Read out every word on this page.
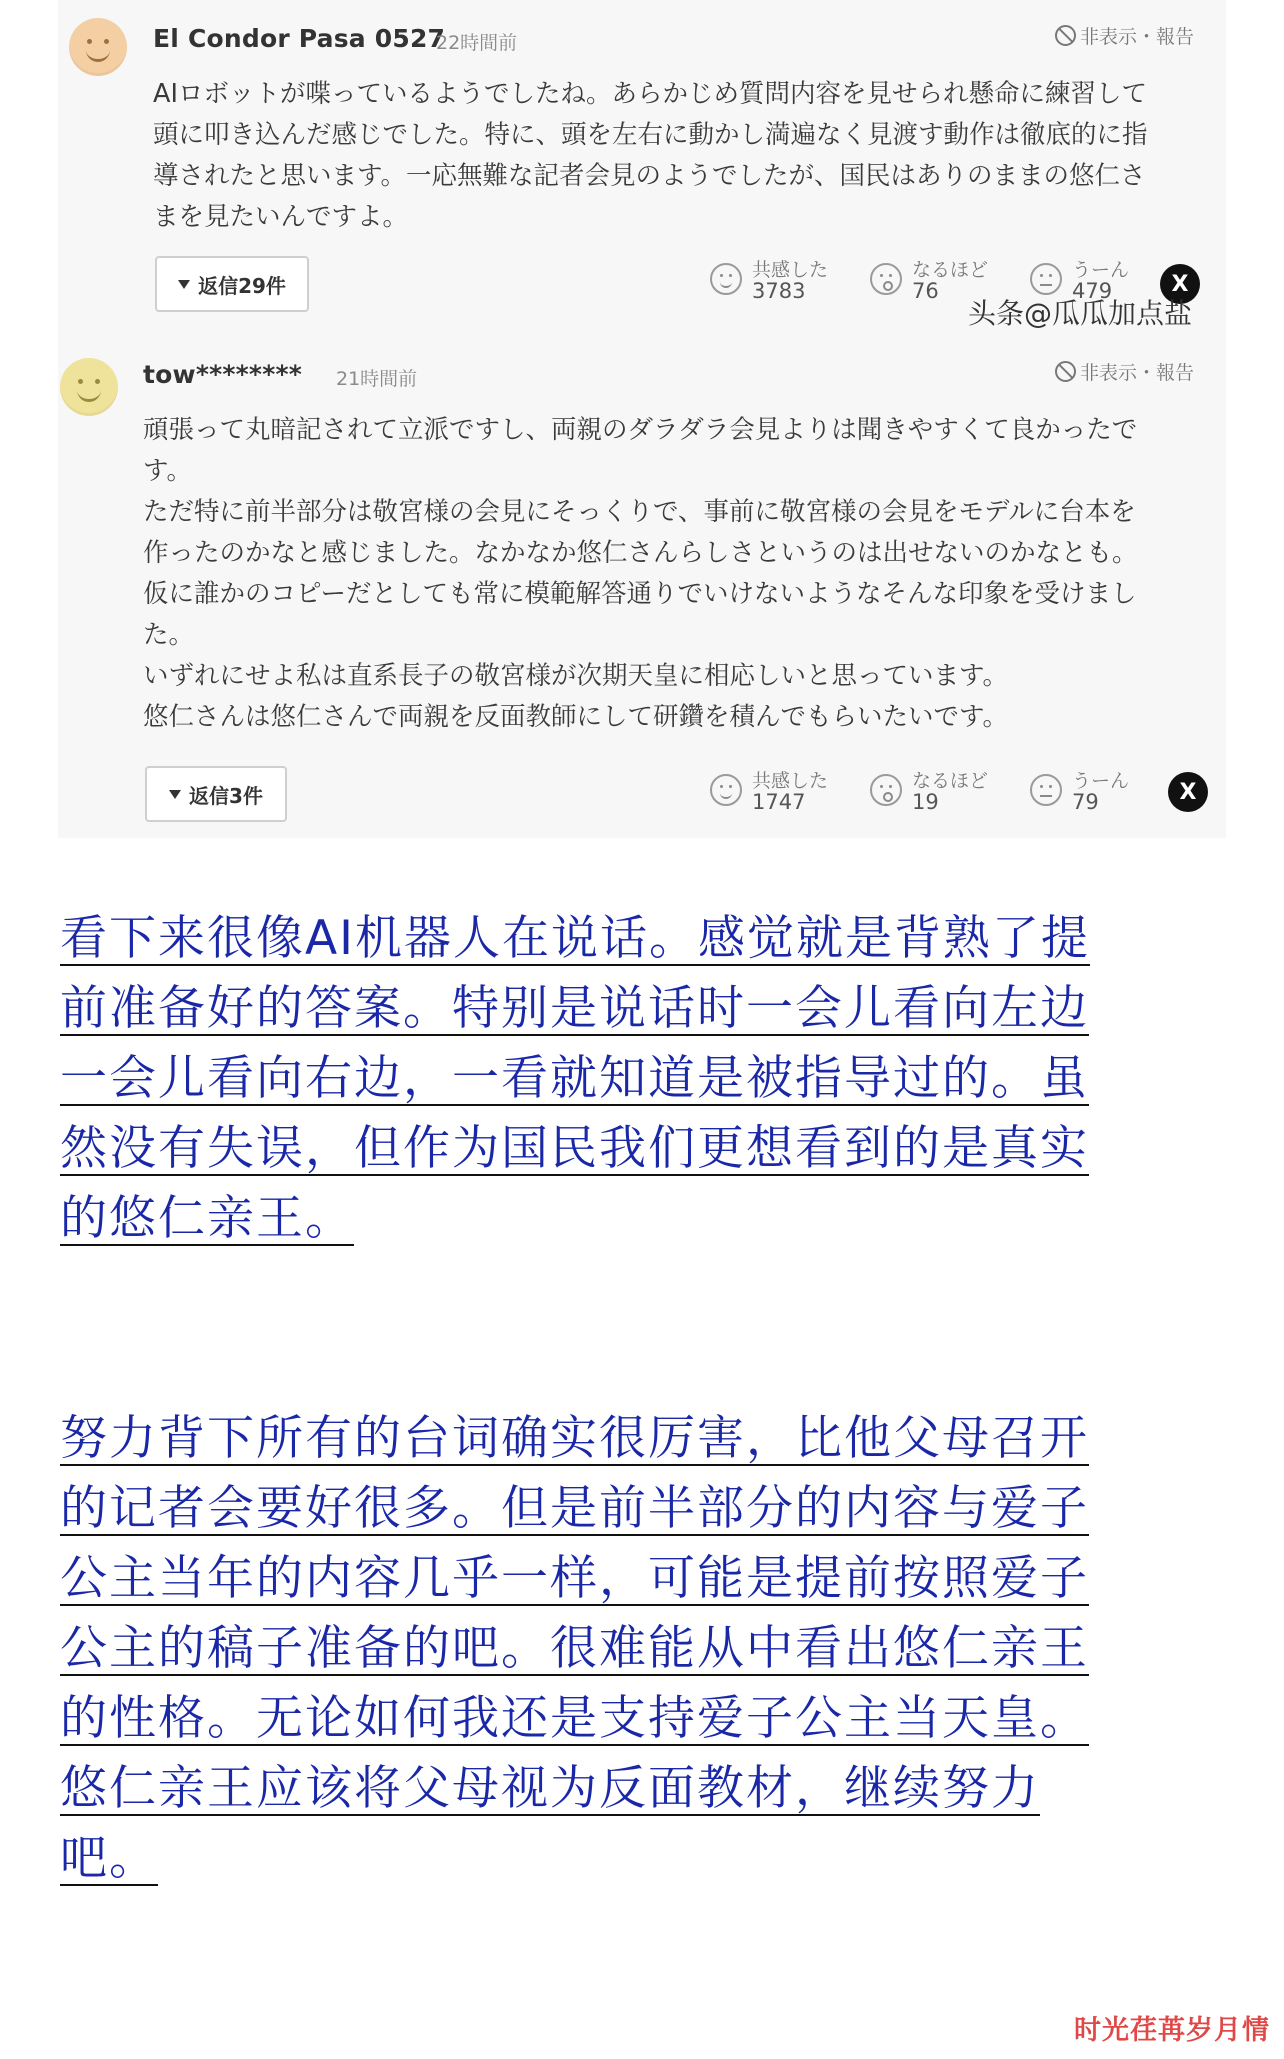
El Condor Pasa 0527
22時間前	非表示・報告
AIロボットが喋っているようでしたね。あらかじめ質問内容を見せられ懸命に練習して
頭に叩き込んだ感じでした。特に、頭を左右に動かし満遍なく見渡す動作は徹底的に指
導されたと思います。一応無難な記者会見のようでしたが、国民はありのままの悠仁さ
まを見たいんですよ。
返信29件
共感した
3783
なるほど
76
うーん
479	X
头条@瓜瓜加点盐
tow******** 21時間前	非表示・報告
頑張って丸暗記されて立派ですし、両親のダラダラ会見よりは聞きやすくて良かったで
す。
ただ特に前半部分は敬宮様の会見にそっくりで、事前に敬宮様の会見をモデルに台本を
作ったのかなと感じました。なかなか悠仁さんらしさというのは出せないのかなとも。
仮に誰かのコピーだとしても常に模範解答通りでいけないようなそんな印象を受けまし
た。
いずれにせよ私は直系長子の敬宮様が次期天皇に相応しいと思っています。
悠仁さんは悠仁さんで両親を反面教師にして研鑽を積んでもらいたいです。
返信3件
共感した
1747
なるほど
19
うーん
79	X
看下来很像AI机器人在说话。感觉就是背熟了提
前准备好的答案。特别是说话时一会儿看向左边
一会儿看向右边，一看就知道是被指导过的。虽
然没有失误，但作为国民我们更想看到的是真实
的悠仁亲王。
努力背下所有的台词确实很厉害，比他父母召开
的记者会要好很多。但是前半部分的内容与爱子
公主当年的内容几乎一样，可能是提前按照爱子
公主的稿子准备的吧。很难能从中看出悠仁亲王
的性格。无论如何我还是支持爱子公主当天皇。
悠仁亲王应该将父母视为反面教材，继续努力
吧。
时光荏苒岁月情
